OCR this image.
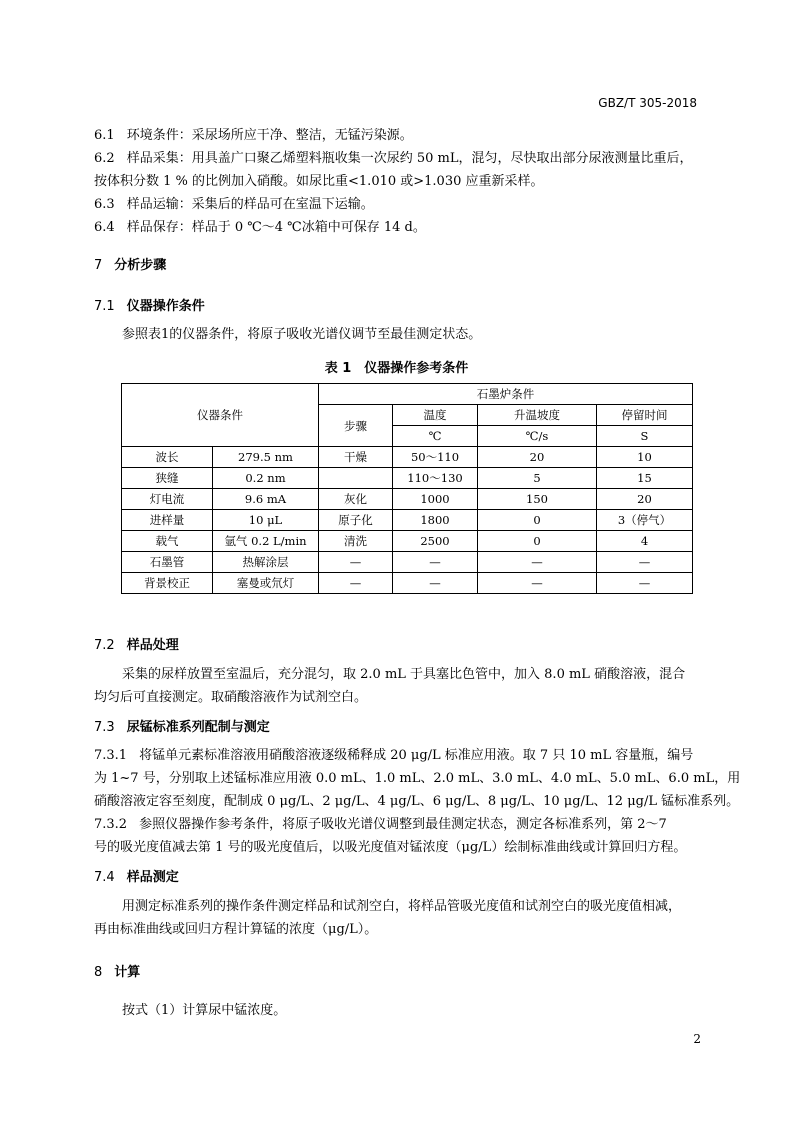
GBZ/T 305-2018
6.1 环境条件：采尿场所应干净、整洁，无锰污染源。
6.2 样品采集：用具盖广口聚乙烯塑料瓶收集一次尿约 50 mL，混匀，尽快取出部分尿液测量比重后，
按体积分数 1 % 的比例加入硝酸。如尿比重<1.010 或>1.030 应重新采样。
6.3 样品运输：采集后的样品可在室温下运输。
6.4 样品保存：样品于 0 ℃～4 ℃冰箱中可保存 14 d。
7 分析步骤
7.1 仪器操作条件
参照表1的仪器条件，将原子吸收光谱仪调节至最佳测定状态。
表 1　仪器操作参考条件
仪器条件		石墨炉条件			
		步骤	温度	升温坡度	停留时间
			℃	℃/s	S
波长	279.5 nm	干燥	50～110	20	10
狭缝	0.2 nm		110～130	5	15
灯电流	9.6 mA	灰化	1000	150	20
进样量	10 μL	原子化	1800	0	3（停气）
载气	氩气 0.2 L/min	清洗	2500	0	4
石墨管	热解涂层	—	—	—	—
背景校正	塞曼或氘灯	—	—	—	—
7.2 样品处理
采集的尿样放置至室温后，充分混匀，取 2.0 mL 于具塞比色管中，加入 8.0 mL 硝酸溶液，混合
均匀后可直接测定。取硝酸溶液作为试剂空白。
7.3 尿锰标准系列配制与测定
7.3.1 将锰单元素标准溶液用硝酸溶液逐级稀释成 20 μg/L 标准应用液。取 7 只 10 mL 容量瓶，编号
为 1~7 号，分别取上述锰标准应用液 0.0 mL、1.0 mL、2.0 mL、3.0 mL、4.0 mL、5.0 mL、6.0 mL，用
硝酸溶液定容至刻度，配制成 0 μg/L、2 μg/L、4 μg/L、6 μg/L、8 μg/L、10 μg/L、12 μg/L 锰标准系列。
7.3.2 参照仪器操作参考条件，将原子吸收光谱仪调整到最佳测定状态，测定各标准系列，第 2～7
号的吸光度值减去第 1 号的吸光度值后，以吸光度值对锰浓度（μg/L）绘制标准曲线或计算回归方程。
7.4 样品测定
用测定标准系列的操作条件测定样品和试剂空白，将样品管吸光度值和试剂空白的吸光度值相减，
再由标准曲线或回归方程计算锰的浓度（μg/L）。
8 计算
按式（1）计算尿中锰浓度。
2
